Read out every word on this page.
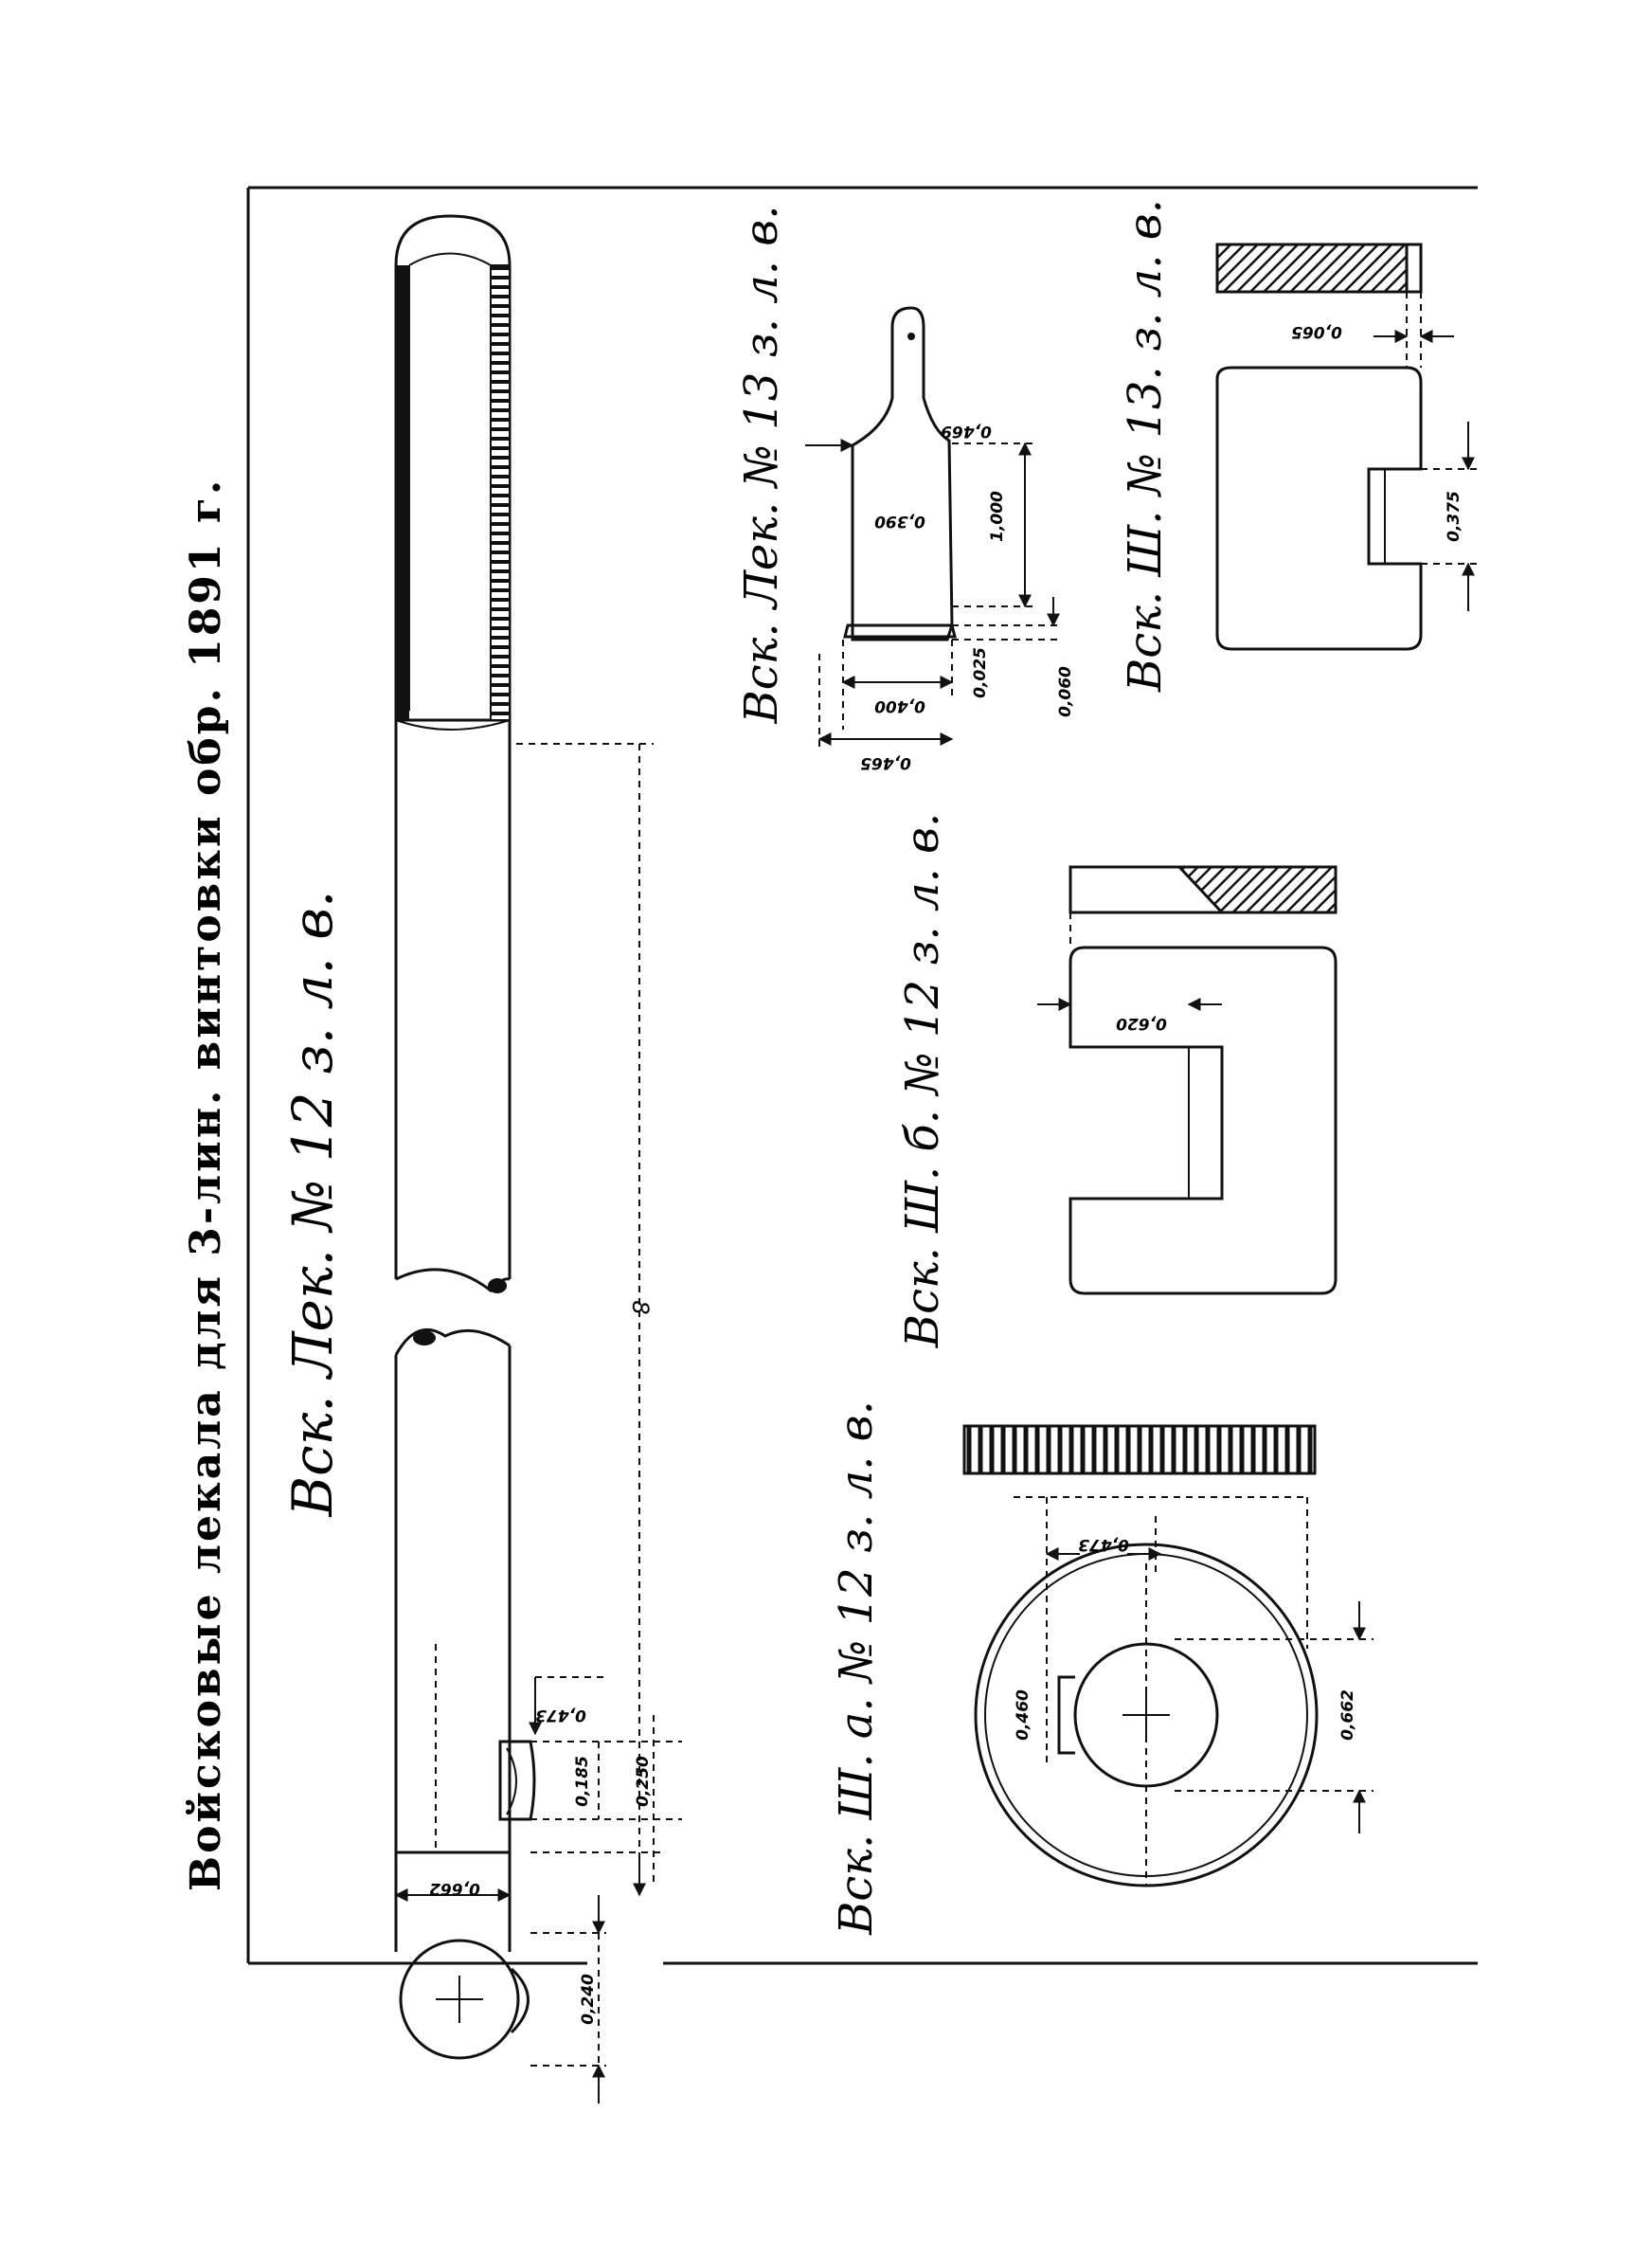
Войсковые лекала для 3-лин. винтовки обр. 1891 г.	8
0,662
0,473
0,185	0,250
0,240
Вск. Лек. № 12 з. л. в.
0,469
0,390	1,000
0,400
0,465
0,025	0,060
Вск. Лек. № 13 з. л. в.	0,065
0,375
Вск. Ш. № 13. з. л. в.
0,620
Вск. Ш. б. № 12 з. л. в.
0,473
0,460	0,662
Вск. Ш. а. № 12 з. л. в.
